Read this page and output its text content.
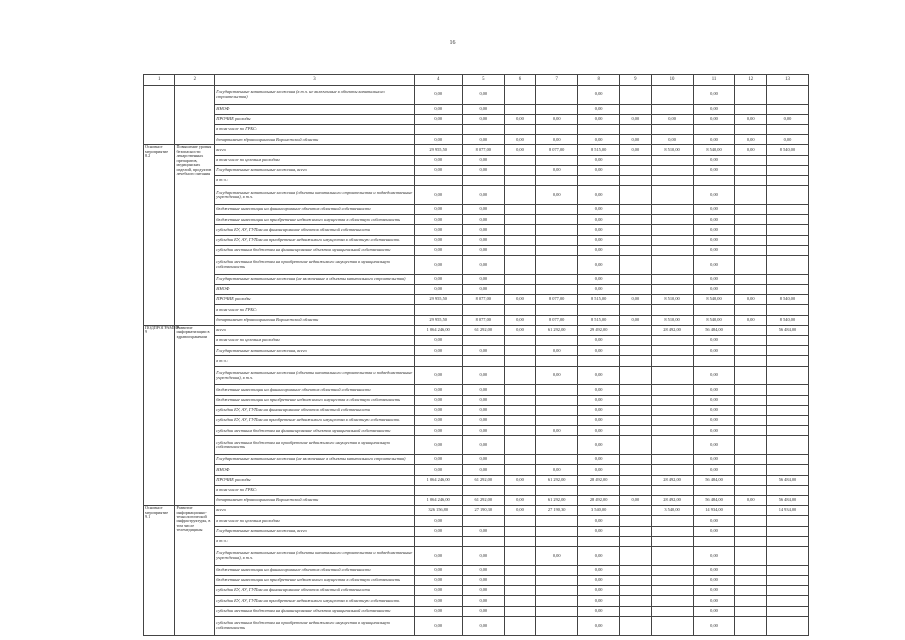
16
1	2	3	4	5	6	7	8	9	10	11	12	13
		Государственные капитальные вложения (в т.ч. не включенные в объекты капитального строительства)	0,00	0,00			0,00			0,00		
		ИНОФ	0,00	0,00			0,00			0,00		
		ПРОЧИЕ расходы	0,00	0,00	0,00	0,00	0,00	0,00	0,00	0,00	0,00	0,00
		в том числе по ГРБС:										
		департамент здравоохранения Воронежской области	0,00	0,00	0,00	0,00	0,00	0,00	0,00	0,00	0,00	0,00
Основное мероприятие 8.2	Повышение уровня безопасности лекарственных препаратов, медицинских изделий, продуктов лечебного питания	всего	29 955,50	8 077,00	0,00	8 077,00	8 515,00	0,00	8 510,00	8 540,00	0,00	8 540,00
		в том числе по целевым расходам	0,00	0,00			0,00			0,00		
		Государственные капитальные вложения, всего	0,00	0,00		0,00	0,00			0,00		
		в т.ч.:										
		Государственные капитальные вложения (объекты капитального строительства и подведомственные учреждения), в т.ч.	0,00	0,00		0,00	0,00			0,00		
		бюджетные инвестиции на финансирование объектов областной собственности	0,00	0,00			0,00			0,00		
		бюджетные инвестиции на приобретение недвижимого имущества в областную собственность	0,00	0,00			0,00			0,00		
		субсидии БУ, АУ, ГУПам на финансирование объектов областной собственности	0,00	0,00			0,00			0,00		
		субсидии БУ, АУ, ГУПам на приобретение недвижимого имущества в областную собственность	0,00	0,00			0,00			0,00		
		субсидии местным бюджетам на финансирование объектов муниципальной собственности	0,00	0,00			0,00			0,00		
		субсидии местным бюджетам на приобретение недвижимого имущества в муниципальную собственность	0,00	0,00			0,00			0,00		
		Государственные капитальные вложения (не включенные в объекты капитального строительства)	0,00	0,00			0,00			0,00		
		ИНОФ	0,00	0,00			0,00			0,00		
		ПРОЧИЕ расходы	29 955,50	8 077,00	0,00	8 077,00	8 515,00	0,00	8 510,00	8 540,00	0,00	8 540,00
		в том числе по ГРБС:										
		департамент здравоохранения Воронежской области	29 955,50	8 077,00	0,00	8 077,00	8 515,00	0,00	8 510,00	8 540,00	0,00	8 540,00
ПОДПРОГРАММА 9	Развитие информатизации в здравоохранении	всего	1 064 246,00	61 292,00	0,00	61 292,00	29 492,00		28 492,00	56 484,00		56 484,00
		в том числе по целевым расходам	0,00				0,00			0,00		
		Государственные капитальные вложения, всего	0,00	0,00		0,00	0,00			0,00		
		в т.ч.:										
		Государственные капитальные вложения (объекты капитального строительства и подведомственные учреждения), в т.ч.	0,00	0,00		0,00	0,00			0,00		
		бюджетные инвестиции на финансирование объектов областной собственности	0,00	0,00			0,00			0,00		
		бюджетные инвестиции на приобретение недвижимого имущества в областную собственность	0,00	0,00			0,00			0,00		
		субсидии БУ, АУ, ГУПам на финансирование объектов областной собственности	0,00	0,00			0,00			0,00		
		субсидии БУ, АУ, ГУПам на приобретение недвижимого имущества в областную собственность	0,00	0,00			0,00			0,00		
		субсидии местным бюджетам на финансирование объектов муниципальной собственности	0,00	0,00		0,00	0,00			0,00		
		субсидии местным бюджетам на приобретение недвижимого имущества в муниципальную собственность	0,00	0,00			0,00			0,00		
		Государственные капитальные вложения (не включенные в объекты капитального строительства)	0,00	0,00			0,00			0,00		
		ИНОФ	0,00	0,00		0,00	0,00			0,00		
		ПРОЧИЕ расходы	1 064 246,00	61 292,00	0,00	61 292,00	28 492,00		28 492,00	56 484,00		56 484,00
		в том числе по ГРБС:										
		департамент здравоохранения Воронежской области	1 064 246,00	61 292,00	0,00	61 292,00	28 492,00	0,00	28 492,00	56 484,00	0,00	56 484,00
Основное мероприятие 9.1	Развитие информационно-технологической инфраструктуры, в том числе телемедицины	всего	326 156,80	27 190,30	0,00	27 190,30	3 540,00		3 540,00	14 934,00		14 934,00
		в том числе по целевым расходам	0,00				0,00			0,00		
		Государственные капитальные вложения, всего	0,00	0,00			0,00			0,00		
		в т.ч.:										
		Государственные капитальные вложения (объекты капитального строительства и подведомственные учреждения), в т.ч.	0,00	0,00		0,00	0,00			0,00		
		бюджетные инвестиции на финансирование объектов областной собственности	0,00	0,00			0,00			0,00		
		бюджетные инвестиции на приобретение недвижимого имущества в областную собственность	0,00	0,00			0,00			0,00		
		субсидии БУ, АУ, ГУПам на финансирование объектов областной собственности	0,00	0,00			0,00			0,00		
		субсидии БУ, АУ, ГУПам на приобретение недвижимого имущества в областную собственность	0,00	0,00			0,00			0,00		
		субсидии местным бюджетам на финансирование объектов муниципальной собственности	0,00	0,00			0,00			0,00		
		субсидии местным бюджетам на приобретение недвижимого имущества в муниципальную собственность	0,00	0,00			0,00			0,00		
